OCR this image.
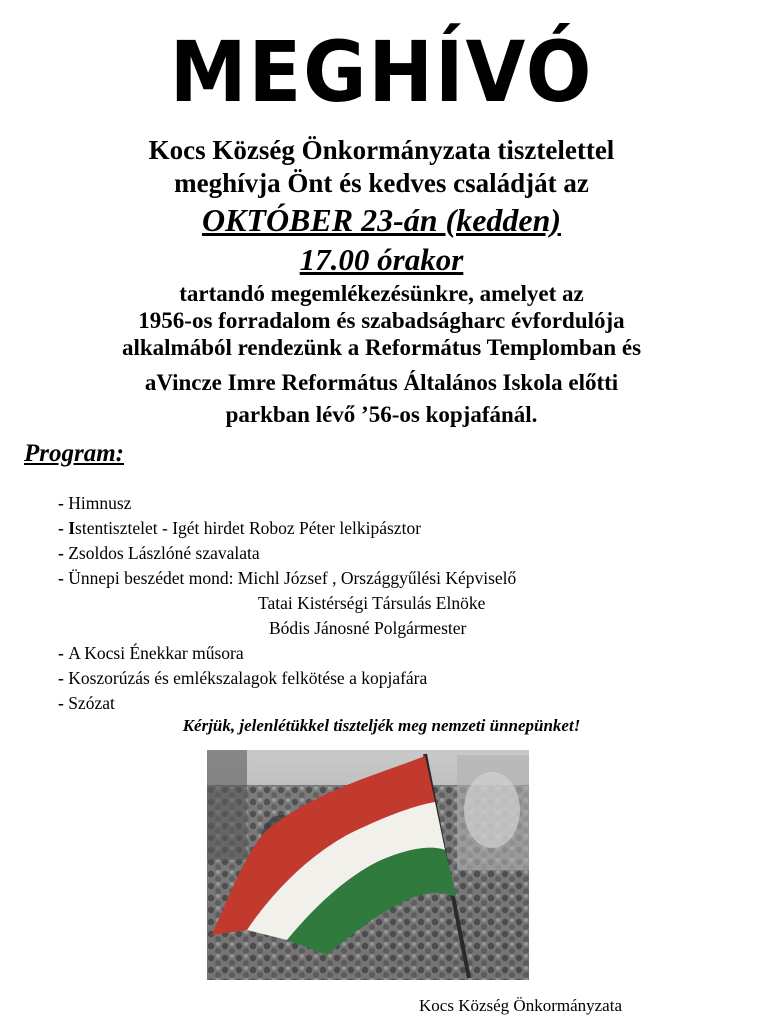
MEGHÍVÓ
Kocs Község Önkormányzata tisztelettel
meghívja Önt és kedves családját az
OKTÓBER 23-án (kedden)
17.00 órakor
tartandó megemlékezésünkre, amelyet az
1956-os forradalom és szabadságharc évfordulója
alkalmából rendezünk a Református Templomban és
aVincze Imre Református Általános Iskola előtti
parkban lévő ’56-os kopjafánál.
Program:
- Himnusz
- Istentisztelet - Igét hirdet Roboz Péter lelkipásztor
- Zsoldos Lászlóné szavalata
- Ünnepi beszédet mond: Michl József , Országgyűlési Képviselő
Tatai Kistérségi Társulás Elnöke
Bódis Jánosné Polgármester
- A Kocsi Énekkar műsora
- Koszorúzás és emlékszalagok felkötése a kopjafára
- Szózat
Kérjük, jelenlétükkel tiszteljék meg nemzeti ünnepünket!
Kocs Község Önkormányzata
